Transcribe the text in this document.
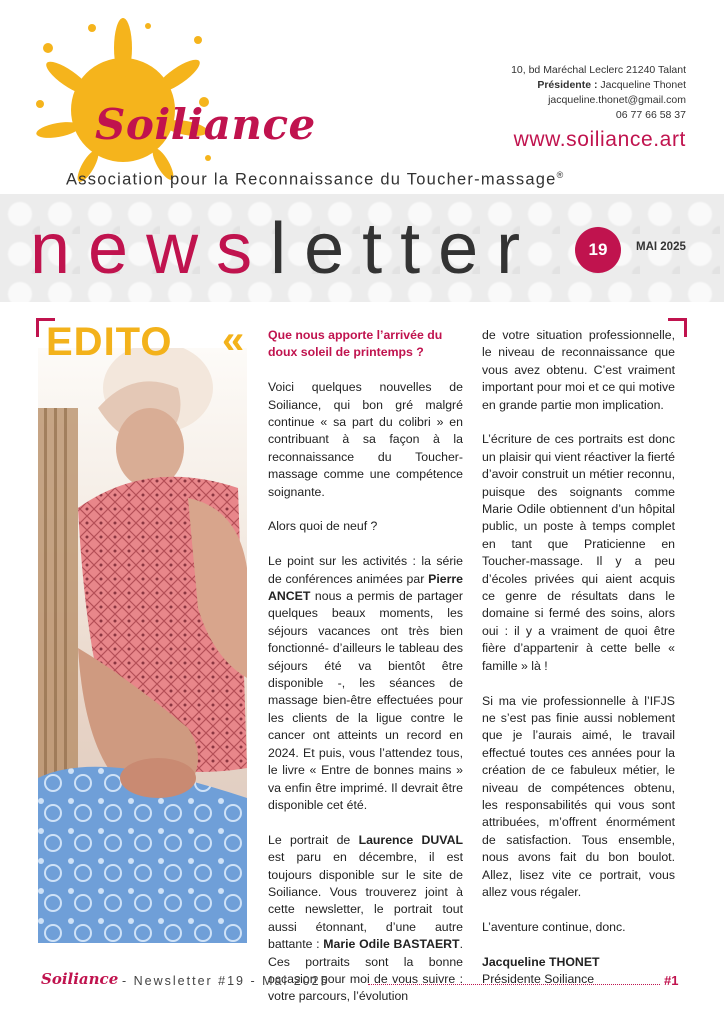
Soiliance
Association pour la Reconnaissance du Toucher-massage®
10, bd Maréchal Leclerc 21240 Talant
Présidente : Jacqueline Thonet
jacqueline.thonet@gmail.com
06 77 66 58 37
www.soiliance.art
newsletter	19	MAI 2025
EDITO « Que nous apporte l’arrivée du doux soleil de printemps ?

Voici quelques nouvelles de Soiliance, qui bon gré malgré continue « sa part du colibri » en contribuant à sa façon à la reconnaissance du Toucher-massage comme une compétence soignante.

Alors quoi de neuf ?

Le point sur les activités : la série de conférences animées par Pierre ANCET nous a permis de partager quelques beaux moments, les séjours vacances ont très bien fonctionné- d’ailleurs le tableau des séjours été va bientôt être disponible -, les séances de massage bien-être effectuées pour les clients de la ligue contre le cancer ont atteints un record en 2024. Et puis, vous l’attendez tous, le livre « Entre de bonnes mains » va enfin être imprimé. Il devrait être disponible cet été.

Le portrait de Laurence DUVAL est paru en décembre, il est toujours disponible sur le site de Soiliance. Vous trouverez joint à cette newsletter, le portrait tout aussi étonnant, d’une autre battante : Marie Odile BASTAERT. Ces portraits sont la bonne occasion pour moi de vous suivre : votre parcours, l’évolution

de votre situation professionnelle, le niveau de reconnaissance que vous avez obtenu. C’est vraiment important pour moi et ce qui motive en grande partie mon implication.

L’écriture de ces portraits est donc un plaisir qui vient réactiver la fierté d’avoir construit un métier reconnu, puisque des soignants comme Marie Odile obtiennent d’un hôpital public, un poste à temps complet en tant que Praticienne en Toucher-massage. Il y a peu d’écoles privées qui aient acquis ce genre de résultats dans le domaine si fermé des soins, alors oui : il y a vraiment de quoi être fière d’appartenir à cette belle « famille » là !

Si ma vie professionnelle à l’IFJS ne s’est pas finie aussi noblement que je l’aurais aimé, le travail effectué toutes ces années pour la création de ce fabuleux métier, le niveau de compétences obtenu, les responsabilités qui vous sont attribuées, m’offrent énormément de satisfaction. Tous ensemble, nous avons fait du bon boulot. Allez, lisez vite ce portrait, vous allez vous régaler.

L’aventure continue, donc.

Jacqueline THONET
Présidente Soiliance
Soiliance - Newsletter #19 - Mai 2025	#1
